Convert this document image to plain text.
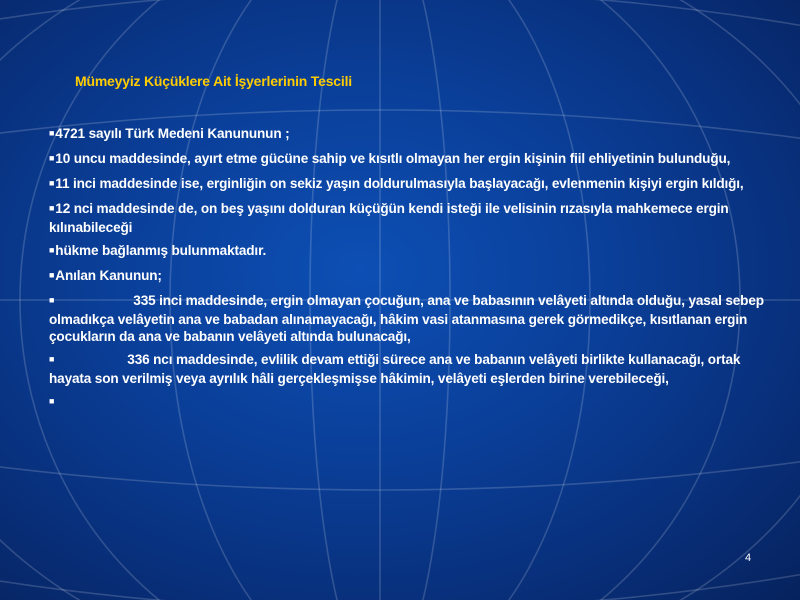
Mümeyyiz Küçüklere Ait İşyerlerinin Tescili
■4721 sayılı Türk Medeni Kanununun ;
■10 uncu maddesinde, ayırt etme gücüne sahip ve kısıtlı olmayan her ergin kişinin fiil ehliyetinin bulunduğu,
■11 inci maddesinde ise, erginliğin on sekiz yaşın doldurulmasıyla başlayacağı, evlenmenin kişiyi ergin kıldığı,
■12 nci maddesinde de, on beş yaşını dolduran küçüğün kendi isteği ile velisinin rızasıyla mahkemece ergin kılınabileceği
■hükme bağlanmış bulunmaktadır.
■Anılan Kanunun;
■	335 inci maddesinde, ergin olmayan çocuğun, ana ve babasının velâyeti altında olduğu, yasal sebep olmadıkça velâyetin ana ve babadan alınamayacağı, hâkim vasi atanmasına gerek görmedikçe, kısıtlanan ergin çocukların da ana ve babanın velâyeti altında bulunacağı,
■	336 ncı maddesinde, evlilik devam ettiği sürece ana ve babanın velâyeti birlikte kullanacağı, ortak hayata son verilmiş veya ayrılık hâli gerçekleşmişse hâkimin, velâyeti eşlerden birine verebileceği,
■
4
